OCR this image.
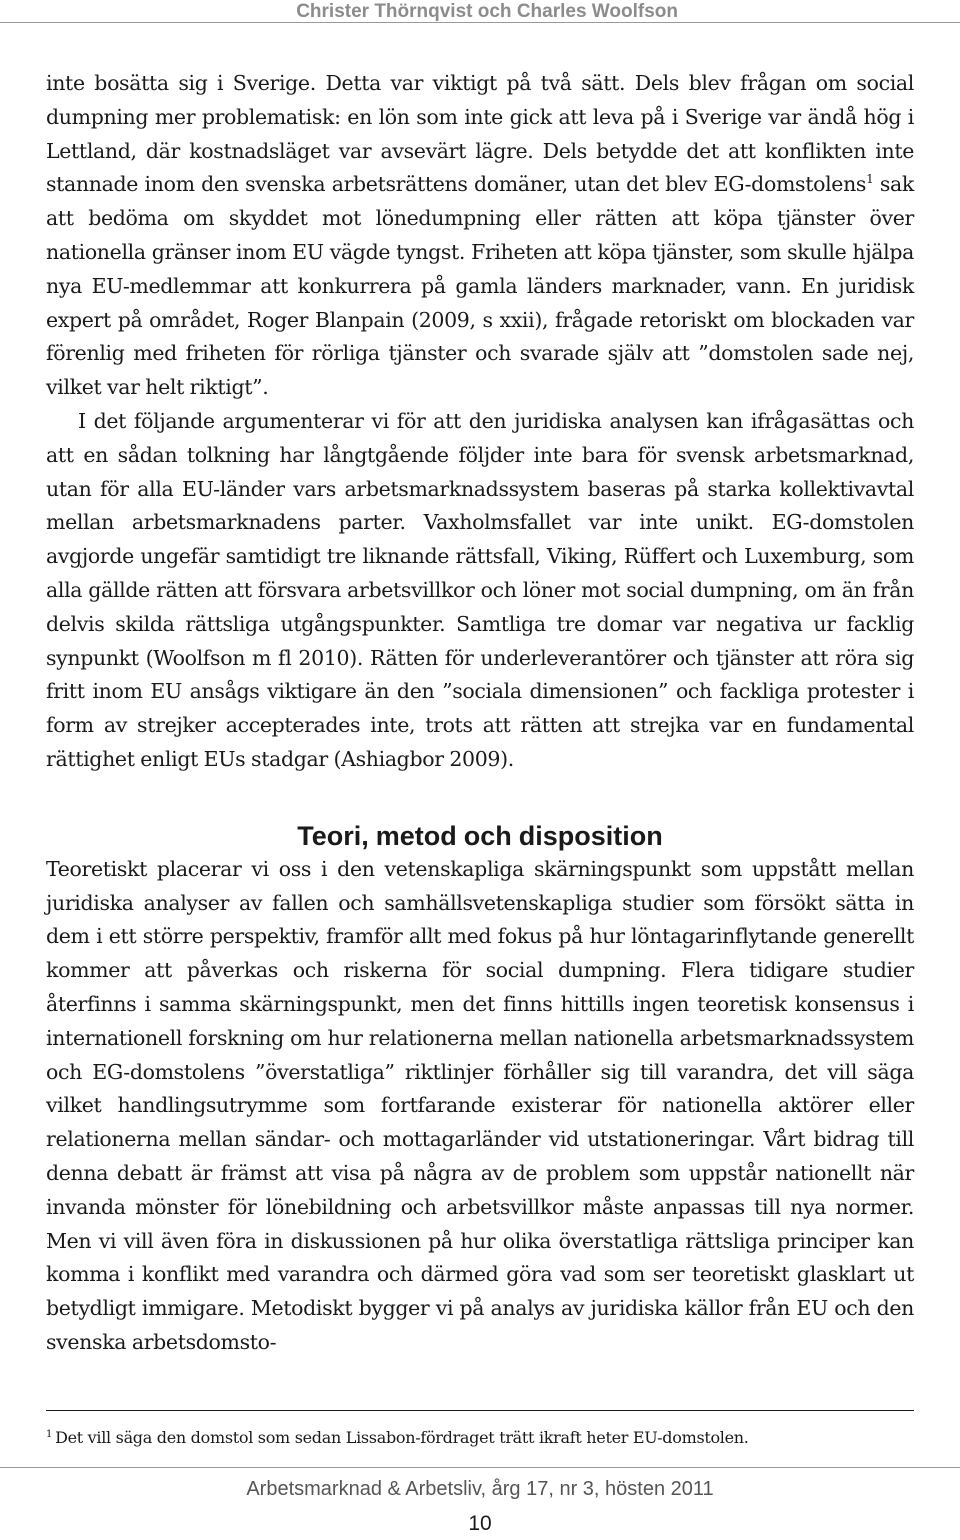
Christer Thörnqvist och Charles Woolfson

inte bosätta sig i Sverige. Detta var viktigt på två sätt. Dels blev frågan om social dumpning mer problematisk: en lön som inte gick att leva på i Sverige var ändå hög i Lettland, där kostnadsläget var avsevärt lägre. Dels betydde det att konflikten inte stannade inom den svenska arbetsrättens domäner, utan det blev EG-domstolens$^1$ sak att bedöma om skyddet mot lönedumpning eller rätten att köpa tjänster över nationella gränser inom EU vägde tyngst. Friheten att köpa tjänster, som skulle hjälpa nya EU-medlemmar att konkurrera på gamla länders marknader, vann. En juridisk expert på området, Roger Blanpain (2009, s xxii), frågade retoriskt om blockaden var förenlig med friheten för rörliga tjänster och svarade själv att ”domstolen sade nej, vilket var helt riktigt”.

I det följande argumenterar vi för att den juridiska analysen kan ifrågasättas och att en sådan tolkning har långtgående följder inte bara för svensk arbetsmarknad, utan för alla EU-länder vars arbetsmarknadssystem baseras på starka kollektivavtal mellan arbetsmarknadens parter. Vaxholmsfallet var inte unikt. EG-domstolen avgjorde ungefär samtidigt tre liknande rättsfall, Viking, Rüffert och Luxemburg, som alla gällde rätten att försvara arbetsvillkor och löner mot social dumpning, om än från delvis skilda rättsliga utgångspunkter. Samtliga tre domar var negativa ur facklig synpunkt (Woolfson m fl 2010). Rätten för underleverantörer och tjänster att röra sig fritt inom EU ansågs viktigare än den ”sociala dimensionen” och fackliga protester i form av strejker accepterades inte, trots att rätten att strejka var en fundamental rättighet enligt EUs stadgar (Ashiagbor 2009).

Teori, metod och disposition

Teoretiskt placerar vi oss i den vetenskapliga skärningspunkt som uppstått mellan juridiska analyser av fallen och samhällsvetenskapliga studier som försökt sätta in dem i ett större perspektiv, framför allt med fokus på hur löntagarinflytande generellt kommer att påverkas och riskerna för social dumpning. Flera tidigare studier återfinns i samma skärningspunkt, men det finns hittills ingen teoretisk konsensus i internationell forskning om hur relationerna mellan nationella arbetsmarknadssystem och EG-domstolens ”överstatliga” riktlinjer förhåller sig till varandra, det vill säga vilket handlingsutrymme som fortfarande existerar för nationella aktörer eller relationerna mellan sändar- och mottagarländer vid utstationeringar. Vårt bidrag till denna debatt är främst att visa på några av de problem som uppstår nationellt när invanda mönster för lönebildning och arbetsvillkor måste anpassas till nya normer. Men vi vill även föra in diskussionen på hur olika överstatliga rättsliga principer kan komma i konflikt med varandra och därmed göra vad som ser teoretiskt glasklart ut betydligt immigare. Metodiskt bygger vi på analys av juridiska källor från EU och den svenska arbetsdomsto-

$^1$ Det vill säga den domstol som sedan Lissabon-fördraget trätt ikraft heter EU-domstolen.
Arbetsmarknad & Arbetsliv, årg 17, nr 3, hösten 2011
10
